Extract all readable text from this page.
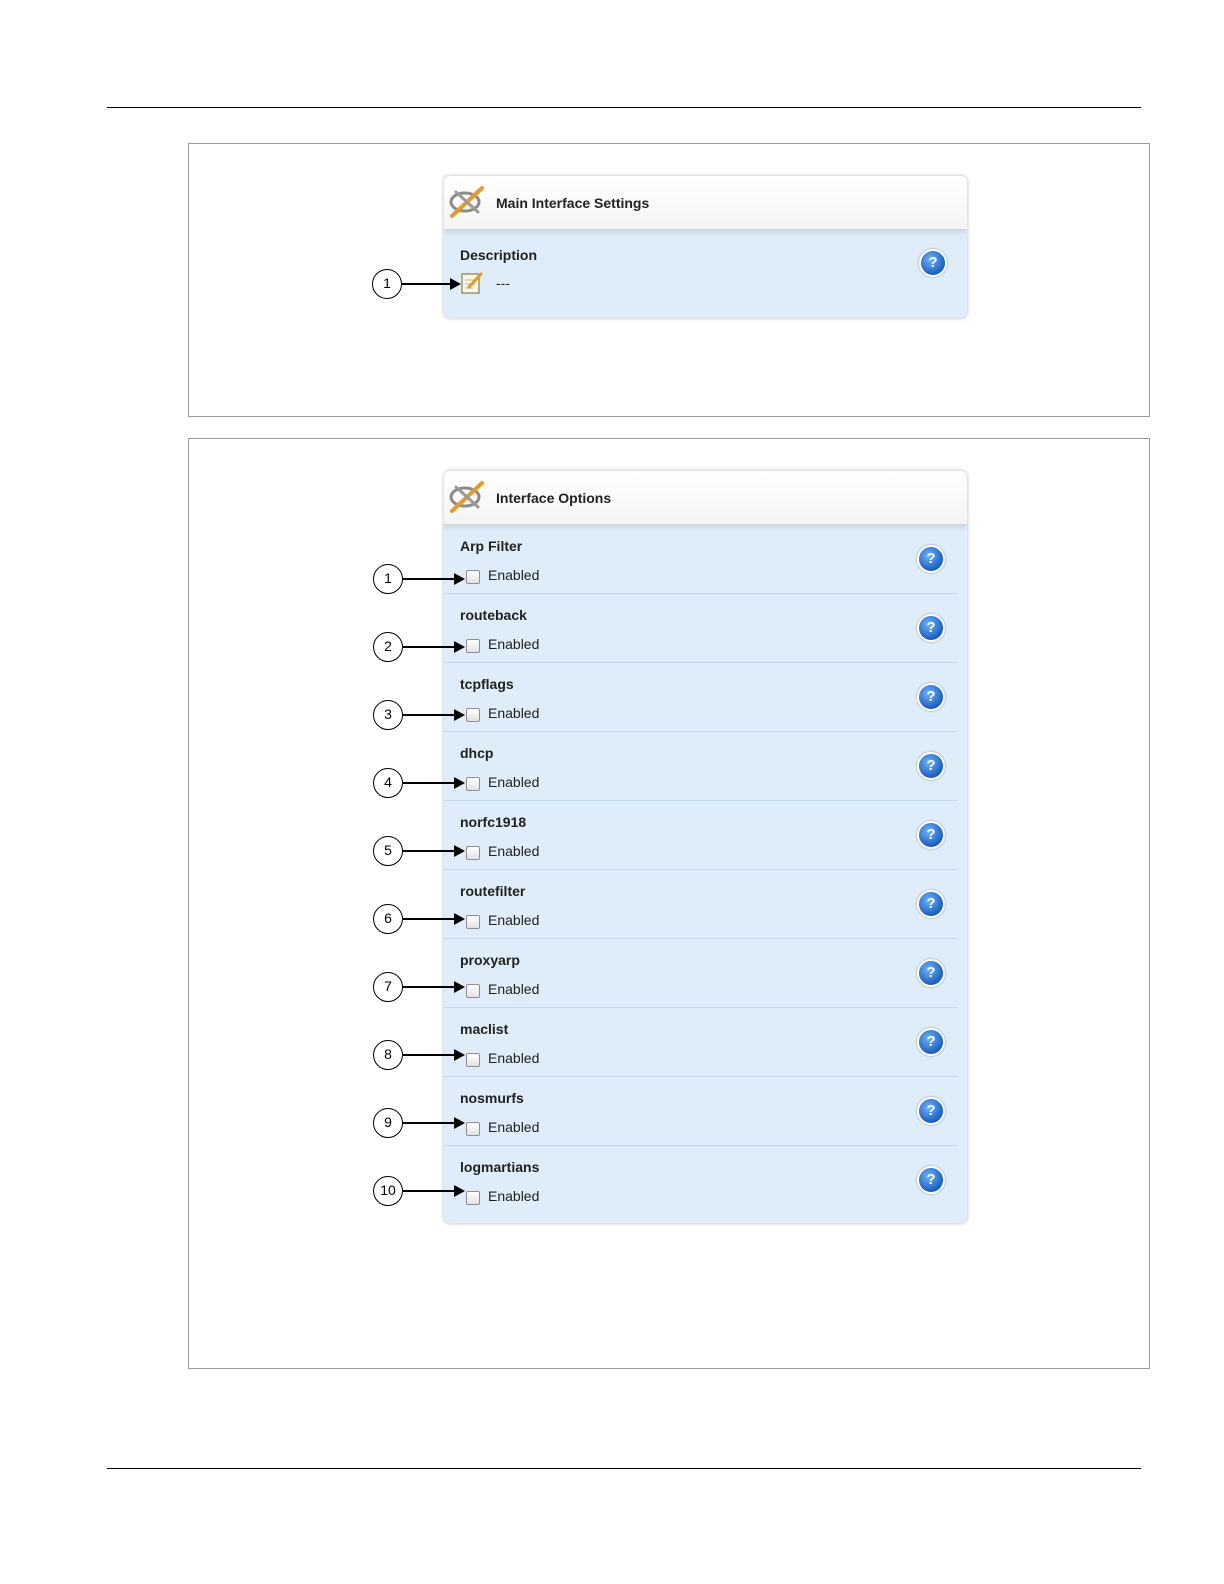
Main Interface Settings
Description
---
?
1
Interface Options
Arp Filter
Enabled
?
routeback
Enabled
?
tcpflags
Enabled
?
dhcp
Enabled
?
norfc1918
Enabled
?
routefilter
Enabled
?
proxyarp
Enabled
?
maclist
Enabled
?
nosmurfs
Enabled
?
logmartians
Enabled
?
1
2
3
4
5
6
7
8
9
10
